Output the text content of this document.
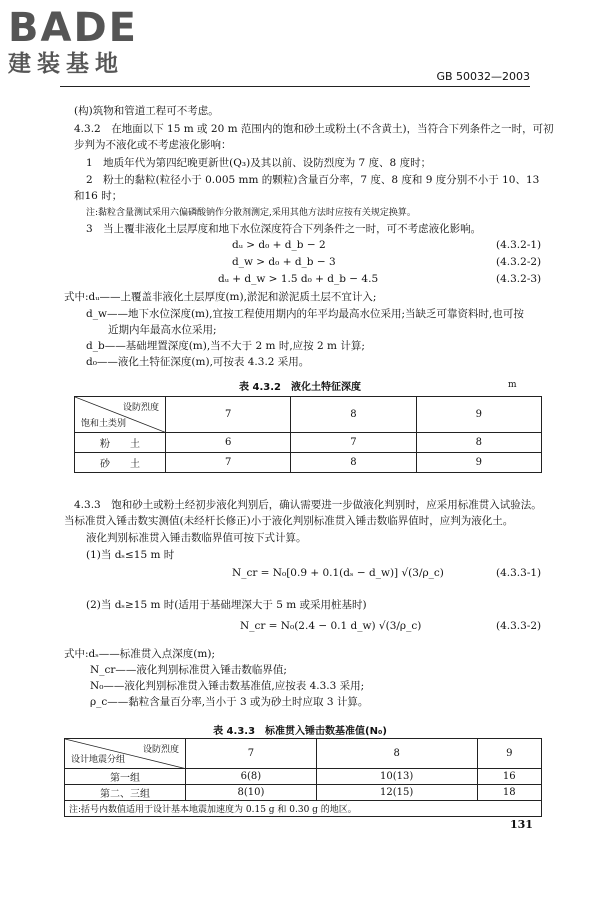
BADE
建装基地	GB 50032—2003
(构)筑物和管道工程可不考虑。
4.3.2　在地面以下 15 m 或 20 m 范围内的饱和砂土或粉土(不含黄土)，当符合下列条件之一时，可初
步判为不液化或不考虑液化影响：
1　地质年代为第四纪晚更新世(Q₃)及其以前、设防烈度为 7 度、8 度时；
2　粉土的黏粒(粒径小于 0.005 mm 的颗粒)含量百分率，7 度、8 度和 9 度分别不小于 10、13
和16 时；
注:黏粒含量测试采用六偏磷酸钠作分散剂测定,采用其他方法时应按有关规定换算。
3　当上覆非液化土层厚度和地下水位深度符合下列条件之一时，可不考虑液化影响。
dᵤ > d₀ + d_b − 2	(4.3.2-1)
d_w > d₀ + d_b − 3	(4.3.2-2)
dᵤ + d_w > 1.5 d₀ + d_b − 4.5	(4.3.2-3)
式中:dᵤ——上覆盖非液化土层厚度(m),淤泥和淤泥质土层不宜计入;
d_w——地下水位深度(m),宜按工程使用期内的年平均最高水位采用;当缺乏可靠资料时,也可按
近期内年最高水位采用;
d_b——基础埋置深度(m),当不大于 2 m 时,应按 2 m 计算;
d₀——液化土特征深度(m),可按表 4.3.2 采用。
表 4.3.2　液化土特征深度	m
设防烈度
饱和土类别	7	8	9
粉　　土	6	7	8
砂　　土	7	8	9
4.3.3　饱和砂土或粉土经初步液化判别后，确认需要进一步做液化判别时，应采用标准贯入试验法。
当标准贯入锤击数实测值(未经杆长修正)小于液化判别标准贯入锤击数临界值时，应判为液化土。
液化判别标准贯入锤击数临界值可按下式计算。
(1)当 dₛ≤15 m 时
N_cr = N₀[0.9 + 0.1(dₛ − d_w)] √(3/ρ_c)	(4.3.3-1)
(2)当 dₛ≥15 m 时(适用于基础埋深大于 5 m 或采用桩基时)
N_cr = N₀(2.4 − 0.1 d_w) √(3/ρ_c)	(4.3.3-2)
式中:dₛ——标准贯入点深度(m);
N_cr——液化判别标准贯入锤击数临界值;
N₀——液化判别标准贯入锤击数基准值,应按表 4.3.3 采用;
ρ_c——黏粒含量百分率,当小于 3 或为砂土时应取 3 计算。
表 4.3.3　标准贯入锤击数基准值(N₀)
设防烈度
设计地震分组	7	8	9
第一组	6(8)	10(13)	16
第二、三组	8(10)	12(15)	18
注:括号内数值适用于设计基本地震加速度为 0.15 g 和 0.30 g 的地区。			
131
